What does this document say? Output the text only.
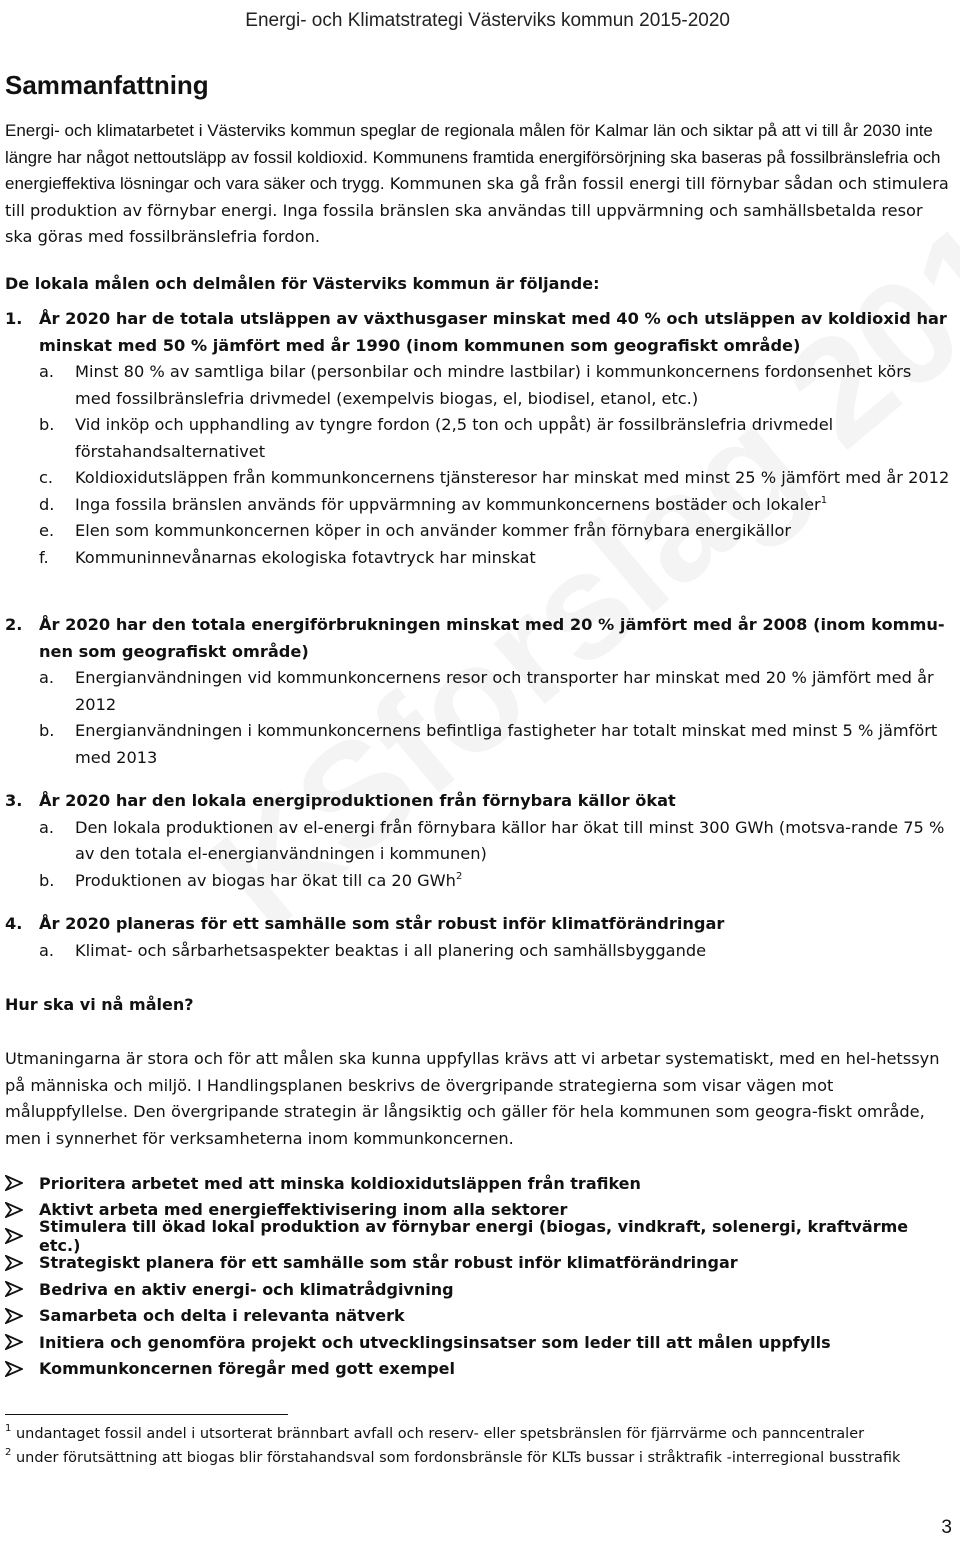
Energi- och Klimatstrategi Västerviks kommun 2015-2020
Sammanfattning
Energi- och klimatarbetet i Västerviks kommun speglar de regionala målen för Kalmar län och siktar på att vi till år 2030 inte längre har något nettoutsläpp av fossil koldioxid. Kommunens framtida energiförsörjning ska baseras på fossilbränslefria och energieffektiva lösningar och vara säker och trygg. Kommunen ska gå från fossil energi till förnybar sådan och stimulera till produktion av förnybar energi. Inga fossila bränslen ska användas till uppvärmning och samhällsbetalda resor ska göras med fossilbränslefria fordon.
De lokala målen och delmålen för Västerviks kommun är följande:
1.	År 2020 har de totala utsläppen av växthusgaser minskat med 40 % och utsläppen av koldioxid har minskat med 50 % jämfört med år 1990 (inom kommunen som geografiskt område)
a.	Minst 80 % av samtliga bilar (personbilar och mindre lastbilar) i kommunkoncernens fordonsenhet körs med fossilbränslefria drivmedel (exempelvis biogas, el, biodisel, etanol, etc.)
b.	Vid inköp och upphandling av tyngre fordon (2,5 ton och uppåt) är fossilbränslefria drivmedel förstahandsalternativet
c.	Koldioxidutsläppen från kommunkoncernens tjänsteresor har minskat med minst 25 % jämfört med år 2012
d.	Inga fossila bränslen används för uppvärmning av kommunkoncernens bostäder och lokaler$^1$
e.	Elen som kommunkoncernen köper in och använder kommer från förnybara energikällor
f.	Kommuninnevånarnas ekologiska fotavtryck har minskat
2.	År 2020 har den totala energiförbrukningen minskat med 20 % jämfört med år 2008 (inom kommu-nen som geografiskt område)
a.	Energianvändningen vid kommunkoncernens resor och transporter har minskat med 20 % jämfört med år 2012
b.	Energianvändningen i kommunkoncernens befintliga fastigheter har totalt minskat med minst 5 % jämfört med 2013
3.	År 2020 har den lokala energiproduktionen från förnybara källor ökat
a.	Den lokala produktionen av el-energi från förnybara källor har ökat till minst 300 GWh (motsva-rande 75 % av den totala el-energianvändningen i kommunen)
b.	Produktionen av biogas har ökat till ca 20 GWh$^2$
4.	År 2020 planeras för ett samhälle som står robust inför klimatförändringar
a.	Klimat- och sårbarhetsaspekter beaktas i all planering och samhällsbyggande
Hur ska vi nå målen?
Utmaningarna är stora och för att målen ska kunna uppfyllas krävs att vi arbetar systematiskt, med en hel-hetssyn på människa och miljö. I Handlingsplanen beskrivs de övergripande strategierna som visar vägen mot måluppfyllelse. Den övergripande strategin är långsiktig och gäller för hela kommunen som geogra-fiskt område, men i synnerhet för verksamheterna inom kommunkoncernen.
Prioritera arbetet med att minska koldioxidutsläppen från trafiken
Aktivt arbeta med energieffektivisering inom alla sektorer
Stimulera till ökad lokal produktion av förnybar energi (biogas, vindkraft, solenergi, kraftvärme etc.)
Strategiskt planera för ett samhälle som står robust inför klimatförändringar
Bedriva en aktiv energi- och klimatrådgivning
Samarbeta och delta i relevanta nätverk
Initiera och genomföra projekt och utvecklingsinsatser som leder till att målen uppfylls
Kommunkoncernen föregår med gott exempel
$^1$ undantaget fossil andel i utsorterat brännbart avfall och reserv- eller spetsbränslen för fjärrvärme och panncentraler
$^2$ under förutsättning att biogas blir förstahandsval som fordonsbränsle för KLTs bussar i stråktrafik -interregional busstrafik
3
